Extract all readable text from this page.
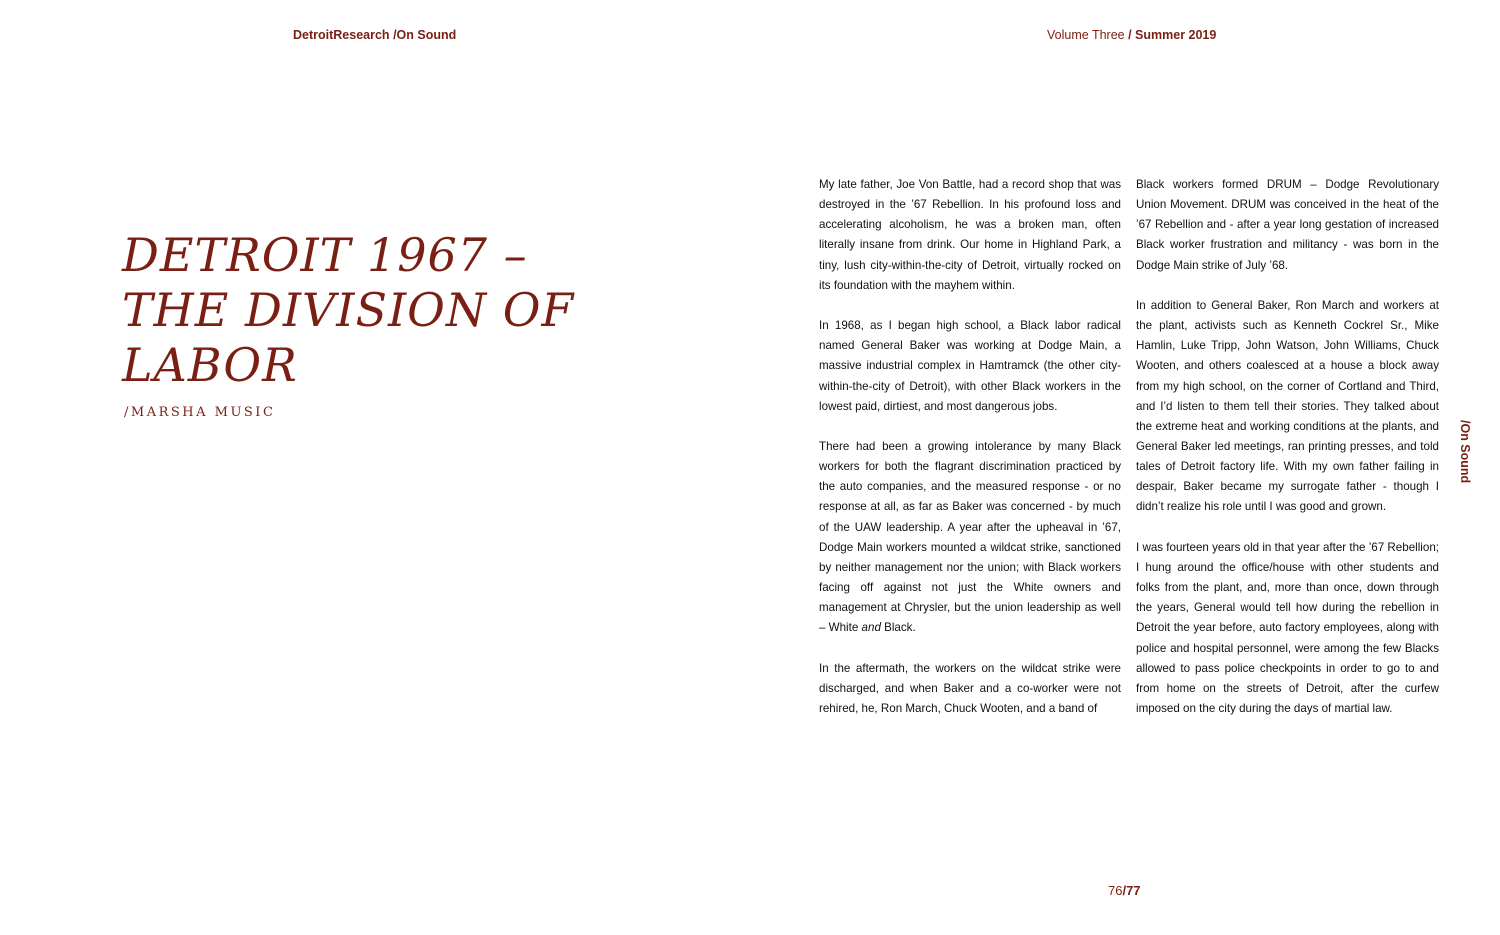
DetroitResearch /On Sound	Volume Three / Summer 2019
DETROIT 1967 –
THE DIVISION OF
LABOR
/MARSHA MUSIC

My late father, Joe Von Battle, had a record shop that was destroyed in the ’67 Rebellion. In his profound loss and accelerating alcoholism, he was a broken man, often literally insane from drink. Our home in Highland Park, a tiny, lush city-within-the-city of Detroit, virtually rocked on its foundation with the mayhem within.

In 1968, as I began high school, a Black labor radical named General Baker was working at Dodge Main, a massive industrial complex in Hamtramck (the other city-within-the-city of Detroit), with other Black workers in the lowest paid, dirtiest, and most dangerous jobs.

There had been a growing intolerance by many Black workers for both the flagrant discrimination practiced by the auto companies, and the measured response - or no response at all, as far as Baker was concerned - by much of the UAW leadership. A year after the upheaval in ’67, Dodge Main workers mounted a wildcat strike, sanctioned by neither management nor the union; with Black workers facing off against not just the White owners and management at Chrysler, but the union leadership as well – White and Black.

In the aftermath, the workers on the wildcat strike were discharged, and when Baker and a co-worker were not rehired, he, Ron March, Chuck Wooten, and a band of

Black workers formed DRUM – Dodge Revolutionary Union Movement. DRUM was conceived in the heat of the ’67 Rebellion and - after a year long gestation of increased Black worker frustration and militancy - was born in the Dodge Main strike of July ’68.

In addition to General Baker, Ron March and workers at the plant, activists such as Kenneth Cockrel Sr., Mike Hamlin, Luke Tripp, John Watson, John Williams, Chuck Wooten, and others coalesced at a house a block away from my high school, on the corner of Cortland and Third, and I’d listen to them tell their stories. They talked about the extreme heat and working conditions at the plants, and General Baker led meetings, ran printing presses, and told tales of Detroit factory life. With my own father failing in despair, Baker became my surrogate father - though I didn’t realize his role until I was good and grown.

I was fourteen years old in that year after the ’67 Rebellion; I hung around the office/house with other students and folks from the plant, and, more than once, down through the years, General would tell how during the rebellion in Detroit the year before, auto factory employees, along with police and hospital personnel, were among the few Blacks allowed to pass police checkpoints in order to go to and from home on the streets of Detroit, after the curfew imposed on the city during the days of martial law.

/On Sound
76/77
